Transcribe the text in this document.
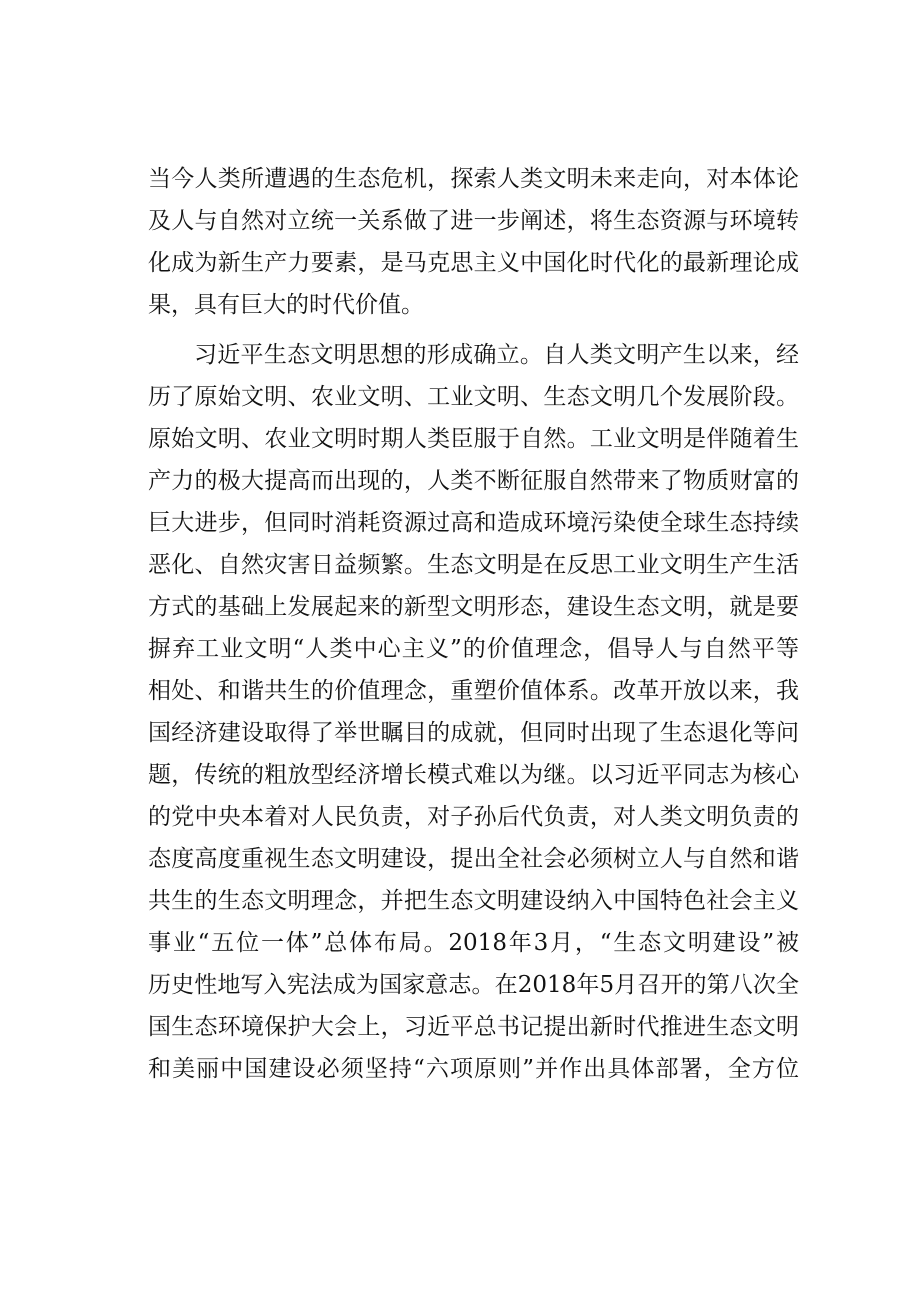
当今人类所遭遇的生态危机，探索人类文明未来走向，对本体论
及人与自然对立统一关系做了进一步阐述，将生态资源与环境转
化成为新生产力要素，是马克思主义中国化时代化的最新理论成
果，具有巨大的时代价值。
习近平生态文明思想的形成确立。自人类文明产生以来，经
历了原始文明、农业文明、工业文明、生态文明几个发展阶段。
原始文明、农业文明时期人类臣服于自然。工业文明是伴随着生
产力的极大提高而出现的，人类不断征服自然带来了物质财富的
巨大进步，但同时消耗资源过高和造成环境污染使全球生态持续
恶化、自然灾害日益频繁。生态文明是在反思工业文明生产生活
方式的基础上发展起来的新型文明形态，建设生态文明，就是要
摒弃工业文明“人类中心主义”的价值理念，倡导人与自然平等
相处、和谐共生的价值理念，重塑价值体系。改革开放以来，我
国经济建设取得了举世瞩目的成就，但同时出现了生态退化等问
题，传统的粗放型经济增长模式难以为继。以习近平同志为核心
的党中央本着对人民负责，对子孙后代负责，对人类文明负责的
态度高度重视生态文明建设，提出全社会必须树立人与自然和谐
共生的生态文明理念，并把生态文明建设纳入中国特色社会主义
事业“五位一体”总体布局。2018年3月，“生态文明建设”被
历史性地写入宪法成为国家意志。在2018年5月召开的第八次全
国生态环境保护大会上，习近平总书记提出新时代推进生态文明
和美丽中国建设必须坚持“六项原则”并作出具体部署，全方位
